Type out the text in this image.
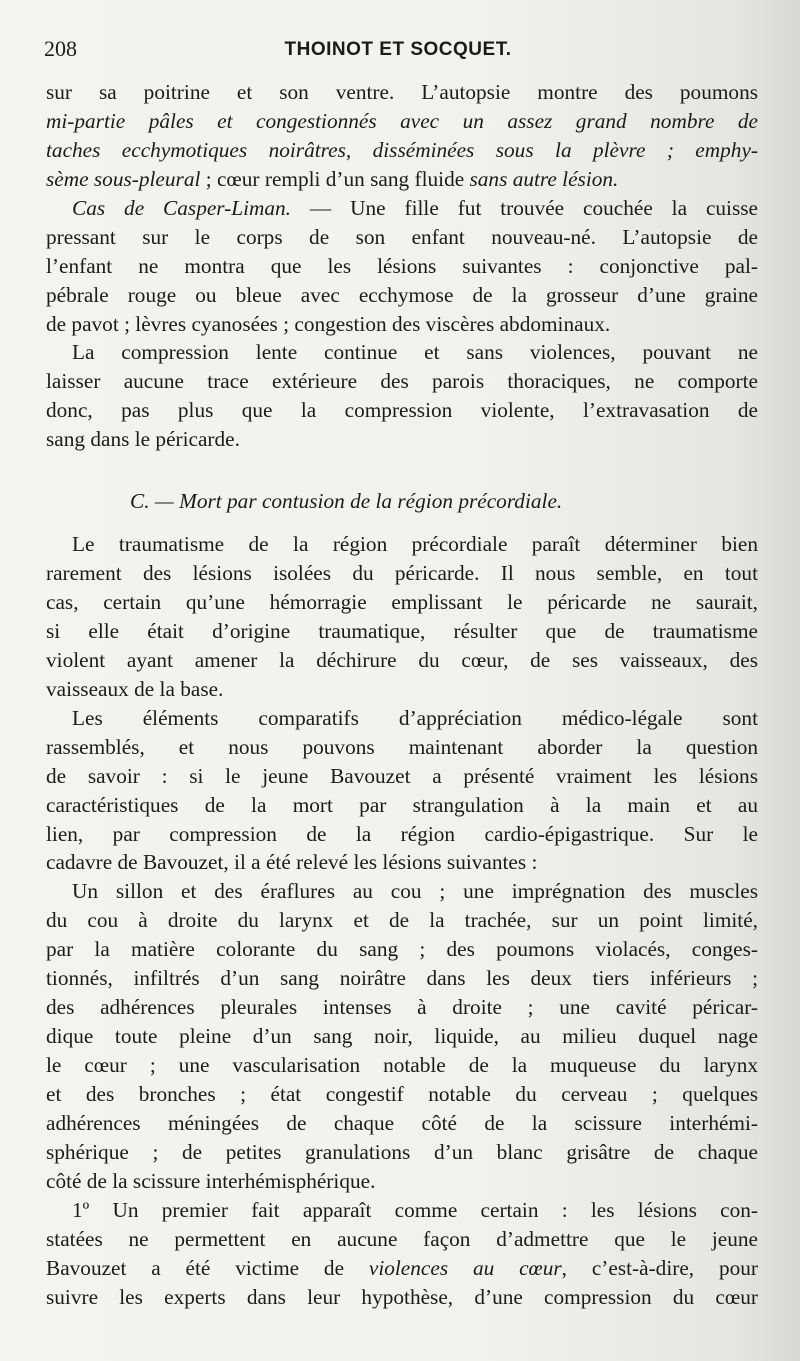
208	THOINOT ET SOCQUET.
sur sa poitrine et son ventre. L’autopsie montre des poumons
mi-partie pâles et congestionnés avec un assez grand nombre de
taches ecchymotiques noirâtres, disséminées sous la plèvre ; emphy-
sème sous-pleural ; cœur rempli d’un sang fluide sans autre lésion.
Cas de Casper-Liman. — Une fille fut trouvée couchée la cuisse
pressant sur le corps de son enfant nouveau-né. L’autopsie de
l’enfant ne montra que les lésions suivantes : conjonctive pal-
pébrale rouge ou bleue avec ecchymose de la grosseur d’une graine
de pavot ; lèvres cyanosées ; congestion des viscères abdominaux.
La compression lente continue et sans violences, pouvant ne
laisser aucune trace extérieure des parois thoraciques, ne comporte
donc, pas plus que la compression violente, l’extravasation de
sang dans le péricarde.
C. — Mort par contusion de la région précordiale.
Le traumatisme de la région précordiale paraît déterminer bien
rarement des lésions isolées du péricarde. Il nous semble, en tout
cas, certain qu’une hémorragie emplissant le péricarde ne saurait,
si elle était d’origine traumatique, résulter que de traumatisme
violent ayant amener la déchirure du cœur, de ses vaisseaux, des
vaisseaux de la base.
Les éléments comparatifs d’appréciation médico-légale sont
rassemblés, et nous pouvons maintenant aborder la question
de savoir : si le jeune Bavouzet a présenté vraiment les lésions
caractéristiques de la mort par strangulation à la main et au
lien, par compression de la région cardio-épigastrique. Sur le
cadavre de Bavouzet, il a été relevé les lésions suivantes :
Un sillon et des éraflures au cou ; une imprégnation des muscles
du cou à droite du larynx et de la trachée, sur un point limité,
par la matière colorante du sang ; des poumons violacés, conges-
tionnés, infiltrés d’un sang noirâtre dans les deux tiers inférieurs ;
des adhérences pleurales intenses à droite ; une cavité péricar-
dique toute pleine d’un sang noir, liquide, au milieu duquel nage
le cœur ; une vascularisation notable de la muqueuse du larynx
et des bronches ; état congestif notable du cerveau ; quelques
adhérences méningées de chaque côté de la scissure interhémi-
sphérique ; de petites granulations d’un blanc grisâtre de chaque
côté de la scissure interhémisphérique.
1º Un premier fait apparaît comme certain : les lésions con-
statées ne permettent en aucune façon d’admettre que le jeune
Bavouzet a été victime de violences au cœur, c’est-à-dire, pour
suivre les experts dans leur hypothèse, d’une compression du cœur
